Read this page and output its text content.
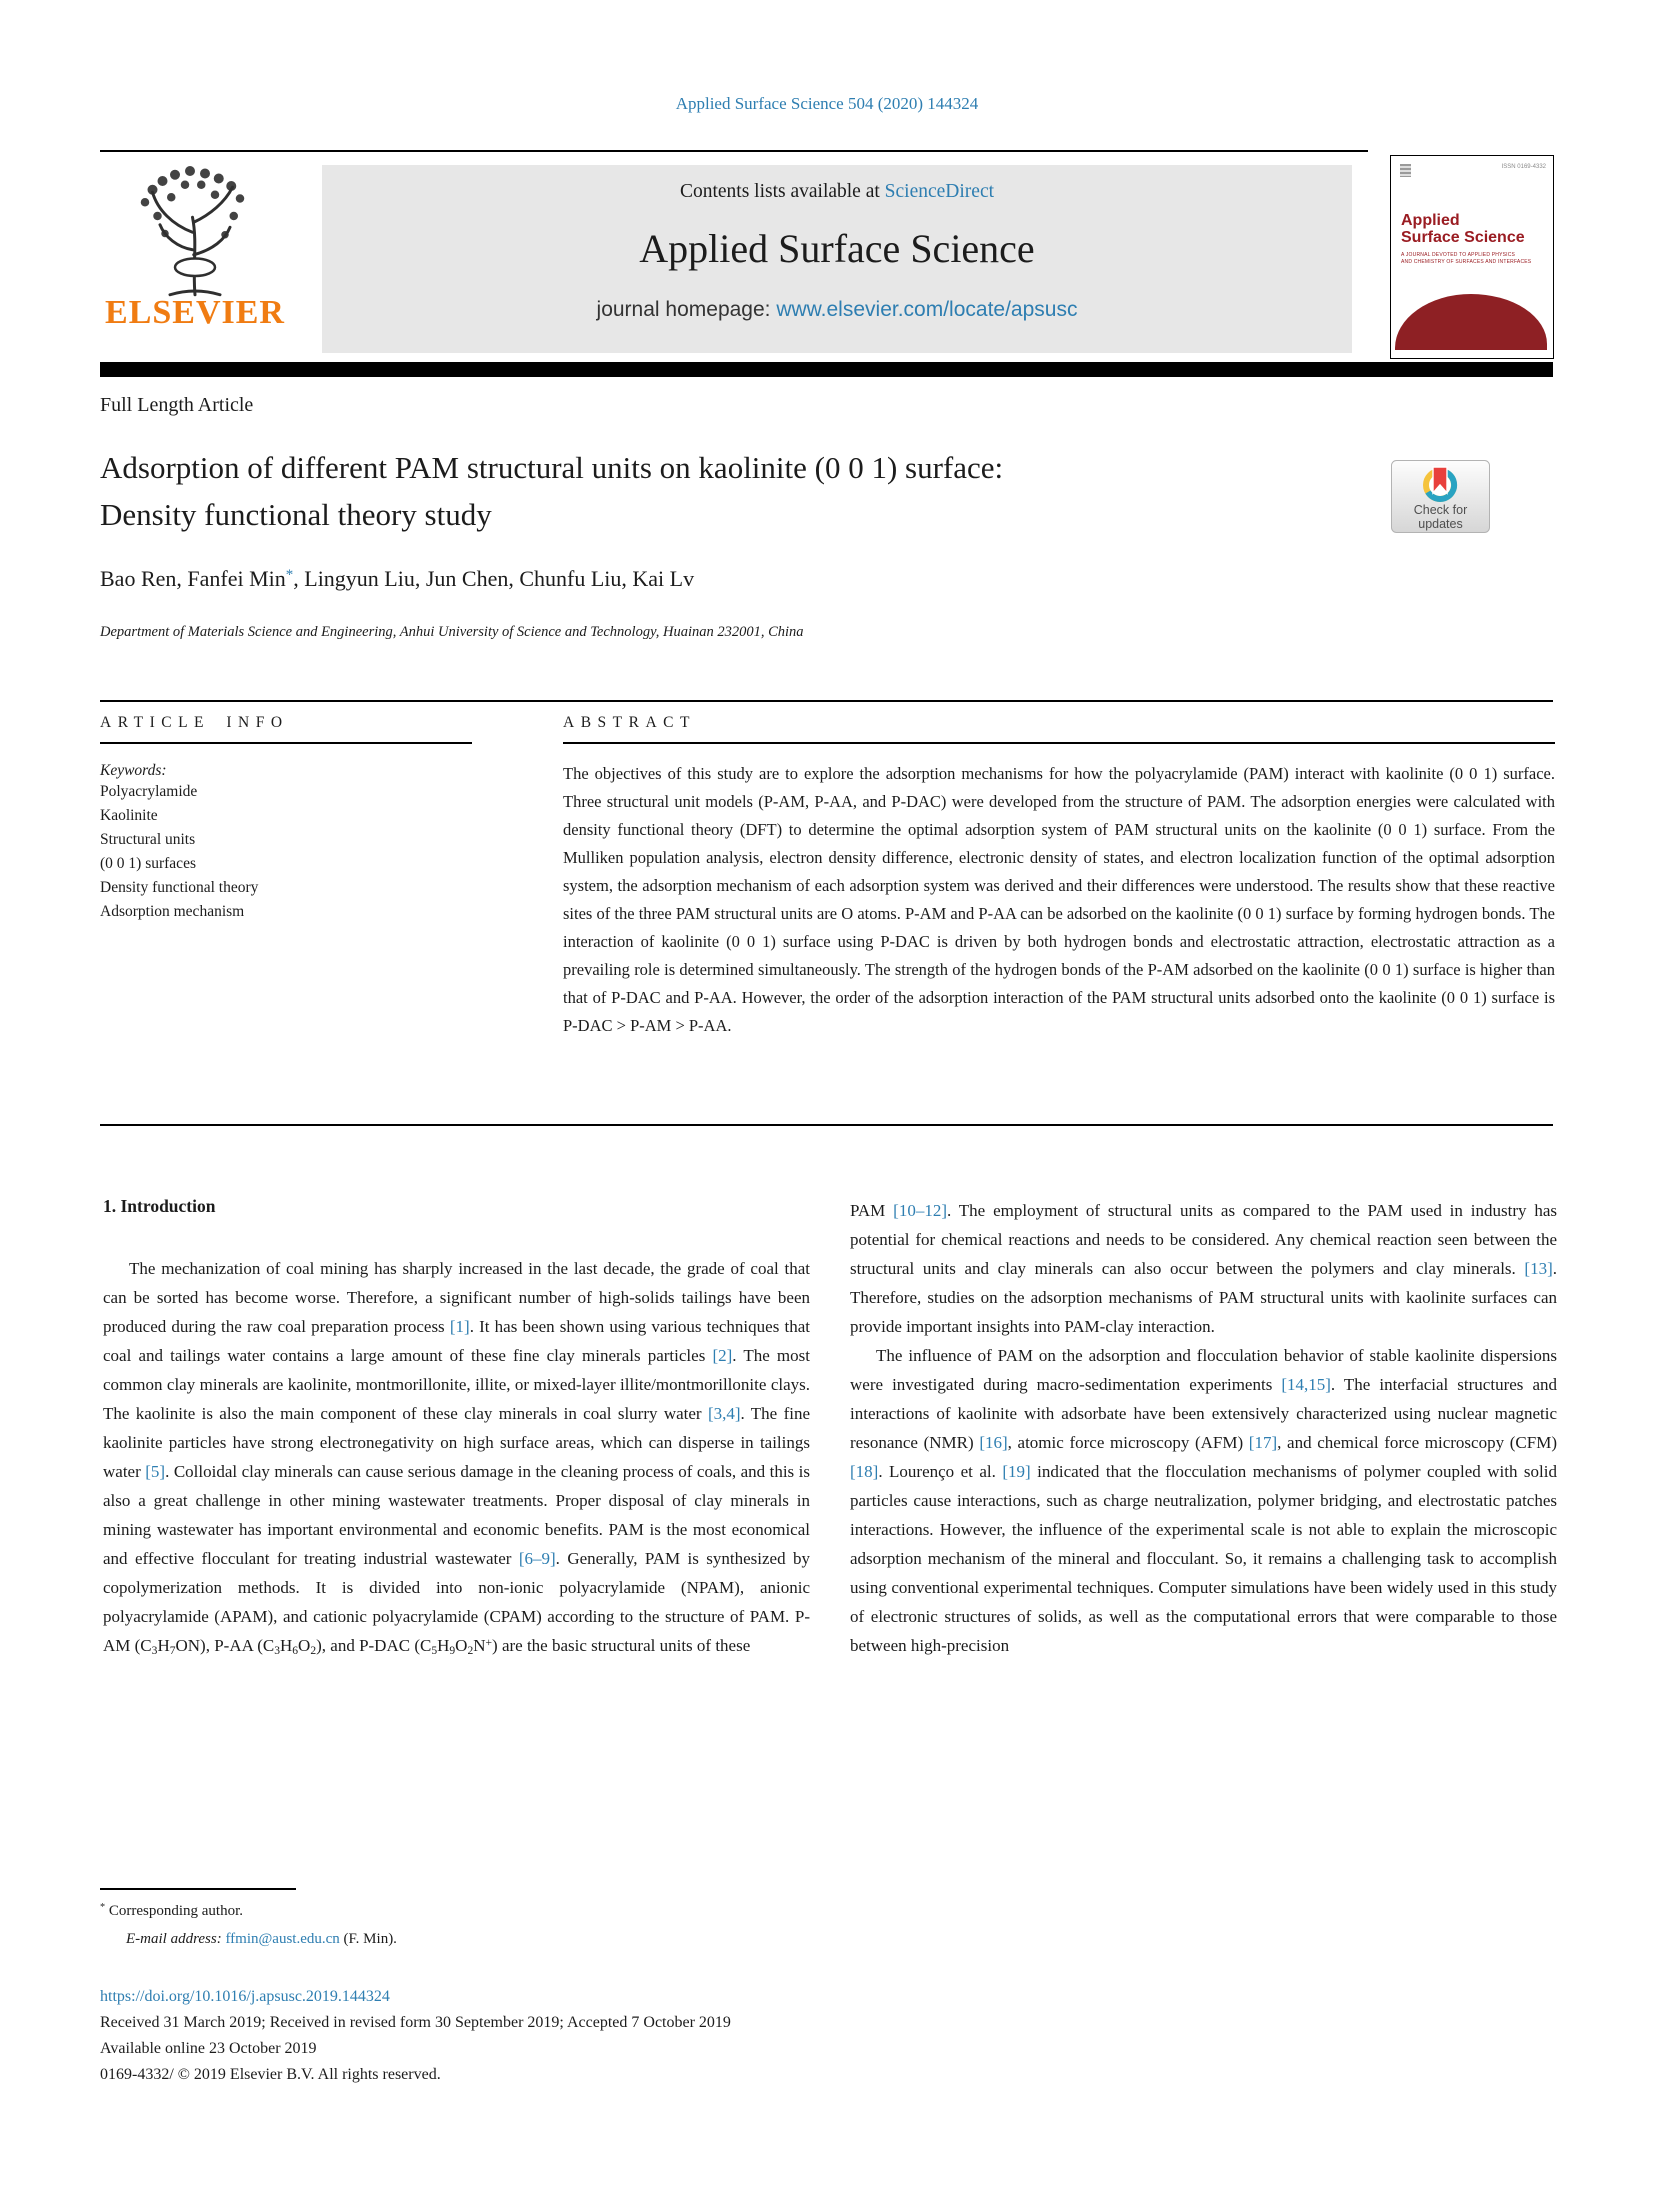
Applied Surface Science 504 (2020) 144324
ELSEVIER
Contents lists available at ScienceDirect
Applied Surface Science
journal homepage: www.elsevier.com/locate/apsusc
ISSN 0169-4332
Applied
Surface Science
A JOURNAL DEVOTED TO APPLIED PHYSICS
AND CHEMISTRY OF SURFACES AND INTERFACES
Full Length Article
Adsorption of different PAM structural units on kaolinite (0 0 1) surface:
Density functional theory study	Check for
updates
Bao Ren, Fanfei Min*, Lingyun Liu, Jun Chen, Chunfu Liu, Kai Lv
Department of Materials Science and Engineering, Anhui University of Science and Technology, Huainan 232001, China
ARTICLE INFO
Keywords:
Polyacrylamide
Kaolinite
Structural units
(0 0 1) surfaces
Density functional theory
Adsorption mechanism
ABSTRACT

The objectives of this study are to explore the adsorption mechanisms for how the polyacrylamide (PAM) interact with kaolinite (0 0 1) surface. Three structural unit models (P-AM, P-AA, and P-DAC) were developed from the structure of PAM. The adsorption energies were calculated with density functional theory (DFT) to determine the optimal adsorption system of PAM structural units on the kaolinite (0 0 1) surface. From the Mulliken population analysis, electron density difference, electronic density of states, and electron localization function of the optimal adsorption system, the adsorption mechanism of each adsorption system was derived and their differences were understood. The results show that these reactive sites of the three PAM structural units are O atoms. P-AM and P-AA can be adsorbed on the kaolinite (0 0 1) surface by forming hydrogen bonds. The interaction of kaolinite (0 0 1) surface using P-DAC is driven by both hydrogen bonds and electrostatic attraction, electrostatic attraction as a prevailing role is determined simultaneously. The strength of the hydrogen bonds of the P-AM adsorbed on the kaolinite (0 0 1) surface is higher than that of P-DAC and P-AA. However, the order of the adsorption interaction of the PAM structural units adsorbed onto the kaolinite (0 0 1) surface is P-DAC > P-AM > P-AA.

1. Introduction

The mechanization of coal mining has sharply increased in the last decade, the grade of coal that can be sorted has become worse. Therefore, a significant number of high-solids tailings have been produced during the raw coal preparation process [1]. It has been shown using various techniques that coal and tailings water contains a large amount of these fine clay minerals particles [2]. The most common clay minerals are kaolinite, montmorillonite, illite, or mixed-layer illite/montmorillonite clays. The kaolinite is also the main component of these clay minerals in coal slurry water [3,4]. The fine kaolinite particles have strong electronegativity on high surface areas, which can disperse in tailings water [5]. Colloidal clay minerals can cause serious damage in the cleaning process of coals, and this is also a great challenge in other mining wastewater treatments. Proper disposal of clay minerals in mining wastewater has important environmental and economic benefits. PAM is the most economical and effective flocculant for treating industrial wastewater [6–9]. Generally, PAM is synthesized by copolymerization methods. It is divided into non-ionic polyacrylamide (NPAM), anionic polyacrylamide (APAM), and cationic polyacrylamide (CPAM) according to the structure of PAM. P-AM (C3H7ON), P-AA (C3H6O2), and P-DAC (C5H9O2N+) are the basic structural units of these

PAM [10–12]. The employment of structural units as compared to the PAM used in industry has potential for chemical reactions and needs to be considered. Any chemical reaction seen between the structural units and clay minerals can also occur between the polymers and clay minerals. [13]. Therefore, studies on the adsorption mechanisms of PAM structural units with kaolinite surfaces can provide important insights into PAM-clay interaction.

The influence of PAM on the adsorption and flocculation behavior of stable kaolinite dispersions were investigated during macro-sedimentation experiments [14,15]. The interfacial structures and interactions of kaolinite with adsorbate have been extensively characterized using nuclear magnetic resonance (NMR) [16], atomic force microscopy (AFM) [17], and chemical force microscopy (CFM) [18]. Lourenço et al. [19] indicated that the flocculation mechanisms of polymer coupled with solid particles cause interactions, such as charge neutralization, polymer bridging, and electrostatic patches interactions. However, the influence of the experimental scale is not able to explain the microscopic adsorption mechanism of the mineral and flocculant. So, it remains a challenging task to accomplish using conventional experimental techniques. Computer simulations have been widely used in this study of electronic structures of solids, as well as the computational errors that were comparable to those between high-precision

* Corresponding author.
E-mail address: ffmin@aust.edu.cn (F. Min).
https://doi.org/10.1016/j.apsusc.2019.144324
Received 31 March 2019; Received in revised form 30 September 2019; Accepted 7 October 2019
Available online 23 October 2019
0169-4332/ © 2019 Elsevier B.V. All rights reserved.
